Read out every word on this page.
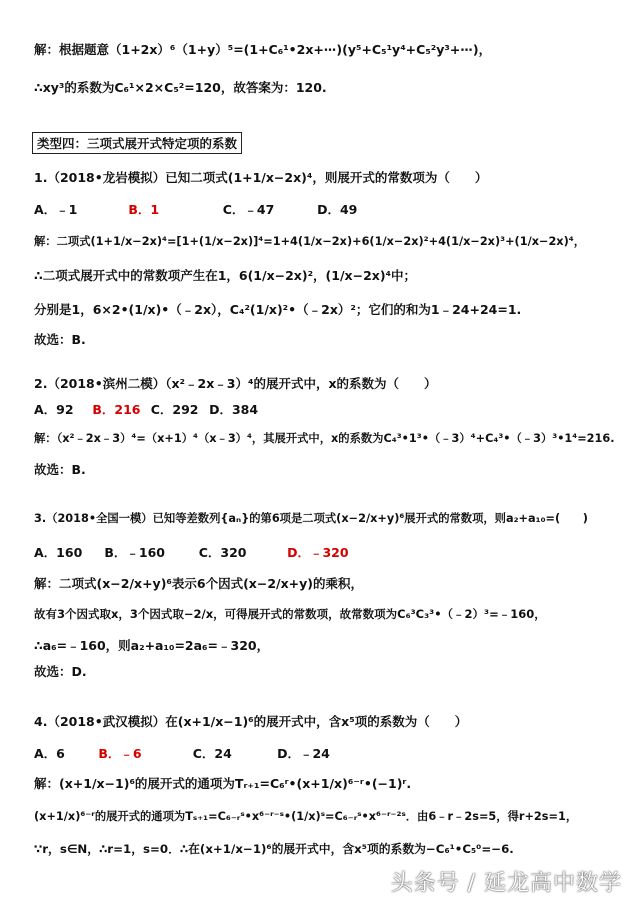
解：根据题意（1+2x）⁶（1+y）⁵=(1+C₆¹•2x+⋯)(y⁵+C₅¹y⁴+C₅²y³+⋯)，
∴xy³的系数为C₆¹×2×C₅²=120，故答案为：120.
类型四：三项式展开式特定项的系数
1.（2018•龙岩模拟）已知二项式(1+1/x−2x)⁴，则展开式的常数项为（　　）
A．﹣1	B．1	C．﹣47	D．49
解：二项式(1+1/x−2x)⁴=[1+(1/x−2x)]⁴=1+4(1/x−2x)+6(1/x−2x)²+4(1/x−2x)³+(1/x−2x)⁴，
∴二项式展开式中的常数项产生在1，6(1/x−2x)²，(1/x−2x)⁴中；
分别是1，6×2•(1/x)•（﹣2x），C₄²(1/x)²•（﹣2x）²；它们的和为1﹣24+24=1.
故选：B.
2.（2018•滨州二模）（x²﹣2x﹣3）⁴的展开式中，x的系数为（　　）
A．92 B．216 C．292 D．384
解：（x²﹣2x﹣3）⁴=（x+1）⁴（x﹣3）⁴，其展开式中，x的系数为C₄³•1³•（﹣3）⁴+C₄³•（﹣3）³•1⁴=216.
故选：B.
3.（2018•全国一模）已知等差数列{aₙ}的第6项是二项式(x−2/x+y)⁶展开式的常数项，则a₂+a₁₀=(　　)
A．160 B．﹣160	C．320	D．﹣320
解：二项式(x−2/x+y)⁶表示6个因式(x−2/x+y)的乘积，
故有3个因式取x，3个因式取−2/x，可得展开式的常数项，故常数项为C₆³C₃³•（﹣2）³=﹣160，
∴a₆=﹣160，则a₂+a₁₀=2a₆=﹣320，
故选：D.
4.（2018•武汉模拟）在(x+1/x−1)⁶的展开式中，含x⁵项的系数为（　　）
A．6	B．﹣6	C．24	D．﹣24
解：(x+1/x−1)⁶的展开式的通项为Tᵣ₊₁=C₆ʳ•(x+1/x)⁶⁻ʳ•(−1)ʳ.
(x+1/x)⁶⁻ʳ的展开式的通项为Tₛ₊₁=C₆₋ᵣˢ•x⁶⁻ʳ⁻ˢ•(1/x)ˢ=C₆₋ᵣˢ•x⁶⁻ʳ⁻²ˢ．由6﹣r﹣2s=5，得r+2s=1，
∵r，s∈N，∴r=1，s=0．∴在(x+1/x−1)⁶的展开式中，含x⁵项的系数为−C₆¹•C₅⁰=−6.
头条号 / 延龙高中数学
